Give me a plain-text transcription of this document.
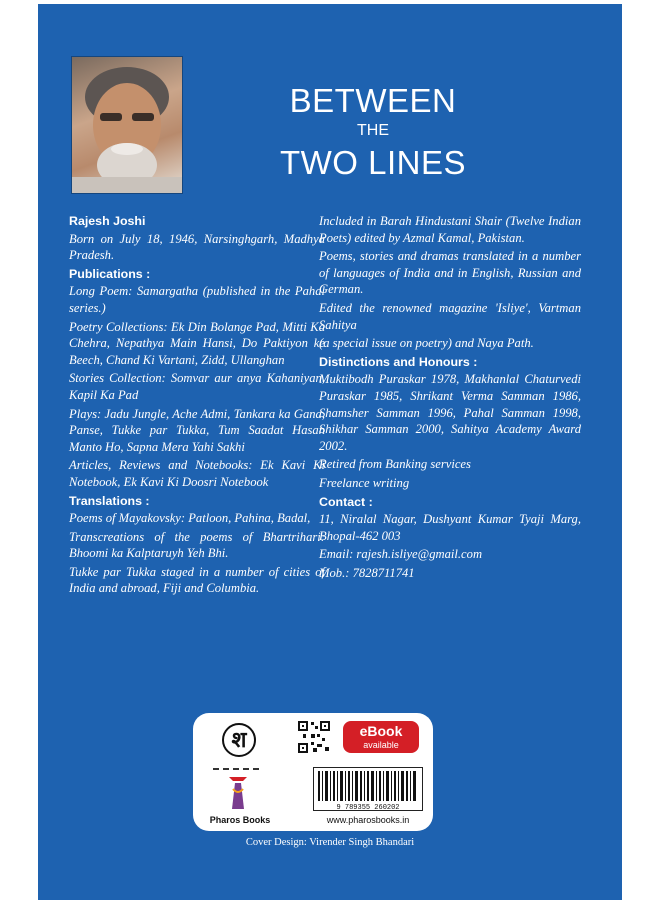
BETWEEN
THE
TWO LINES

Rajesh Joshi

Born on July 18, 1946, Narsinghgarh, Madhya Pradesh.

Publications :

Long Poem: Samargatha (published in the Pahal series.)

Poetry Collections: Ek Din Bolange Pad, Mitti Ka Chehra, Nepathya Main Hansi, Do Paktiyon ke Beech, Chand Ki Vartani, Zidd, Ullanghan

Stories Collection: Somvar aur anya Kahaniyan, Kapil Ka Pad

Plays: Jadu Jungle, Ache Admi, Tankara ka Gana, Panse, Tukke par Tukka, Tum Saadat Hasan Manto Ho, Sapna Mera Yahi Sakhi

Articles, Reviews and Notebooks: Ek Kavi Ki Notebook, Ek Kavi Ki Doosri Notebook

Translations :

Poems of Mayakovsky: Patloon, Pahina, Badal,

Transcreations of the poems of Bhartrihari: Bhoomi ka Kalptaruyh Yeh Bhi.

Tukke par Tukka staged in a number of cities of India and abroad, Fiji and Columbia.

Included in Barah Hindustani Shair (Twelve Indian Poets) edited by Azmal Kamal, Pakistan.

Poems, stories and dramas translated in a number of languages of India and in English, Russian and German.

Edited the renowned magazine 'Isliye', Vartman Sahitya

(a special issue on poetry) and Naya Path.

Distinctions and Honours :

Muktibodh Puraskar 1978, Makhanlal Chaturvedi Puraskar 1985, Shrikant Verma Samman 1986, Shamsher Samman 1996, Pahal Samman 1998, Shikhar Samman 2000, Sahitya Academy Award 2002.

Retired from Banking services

Freelance writing

Contact :

11, Niralal Nagar, Dushyant Kumar Tyaji Marg, Bhopal-462 003

Email: rajesh.isliye@gmail.com

Mob.: 7828711741

श
Pharos Books
eBook
available
9 789355 260202
www.pharosbooks.in
Cover Design: Virender Singh Bhandari
